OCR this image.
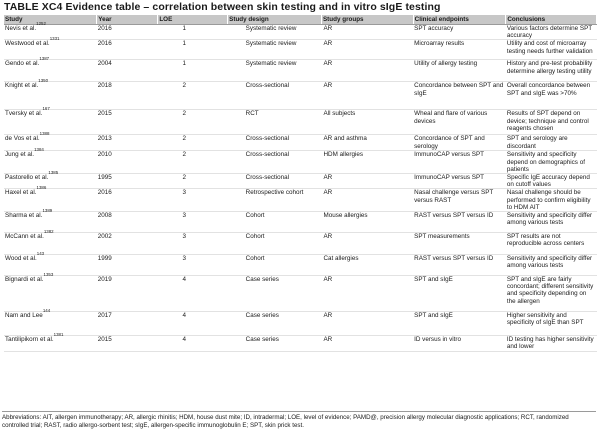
TABLE XC4 Evidence table – correlation between skin testing and in vitro sIgE testing
Study	Year	LOE	Study design	Study groups	Clinical endpoints	Conclusions
Nevis et al.$^{1252}$	2016	1	Systematic review	AR	SPT accuracy	Various factors determine SPT accuracy
Westwood et al.$^{1331}$	2016	1	Systematic review	AR	Microarray results	Utility and cost of microarray testing needs further validation
Gendo et al.$^{1387}$	2004	1	Systematic review	AR	Utility of allergy testing	History and pre-test probability determine allergy testing utility
Knight et al.$^{1350}$	2018	2	Cross-sectional	AR	Concordance between SPT and sIgE	Overall concordance between SPT and sIgE was >70%
Tversky et al.$^{167}$	2015	2	RCT	All subjects	Wheal and flare of various devices	Results of SPT depend on device; technique and control reagents chosen
de Vos et al.$^{1388}$	2013	2	Cross-sectional	AR and asthma	Concordance of SPT and serology	SPT and serology are discordant
Jung et al.$^{1384}$	2010	2	Cross-sectional	HDM allergies	ImmunoCAP versus SPT	Sensitivity and specificity depend on demographics of patients
Pastorello et al.$^{1385}$	1995	2	Cross-sectional	AR	ImmunoCAP versus SPT	Specific IgE accuracy depend on cutoff values
Haxel et al.$^{1386}$	2016	3	Retrospective cohort	AR	Nasal challenge versus SPT versus RAST	Nasal challenge should be performed to confirm eligibility to HDM AIT
Sharma et al.$^{1389}$	2008	3	Cohort	Mouse allergies	RAST versus SPT versus ID	Sensitivity and specificity differ among various tests
McCann et al.$^{1382}$	2002	3	Cohort	AR	SPT measurements	SPT results are not reproducible across centers
Wood et al.$^{143}$	1999	3	Cohort	Cat allergies	RAST versus SPT versus ID	Sensitivity and specificity differ among various tests
Bignardi et al.$^{1353}$	2019	4	Case series	AR	SPT and sIgE	SPT and sIgE are fairly concordant; different sensitivity and specificity depending on the allergen
Nam and Lee$^{144}$	2017	4	Case series	AR	SPT and sIgE	Higher sensitivity and specificity of sIgE than SPT
Tantilipikorn et al.$^{1381}$	2015	4	Case series	AR	ID versus in vitro	ID testing has higher sensitivity and lower
Abbreviations: AIT, allergen immunotherapy; AR, allergic rhinitis; HDM, house dust mite; ID, intradermal; LOE, level of evidence; PAMD@, precision allergy molecular diagnostic applications; RCT, randomized controlled trial; RAST, radio allergo-sorbent test; sIgE, allergen-specific immunoglobulin E; SPT, skin prick test.
